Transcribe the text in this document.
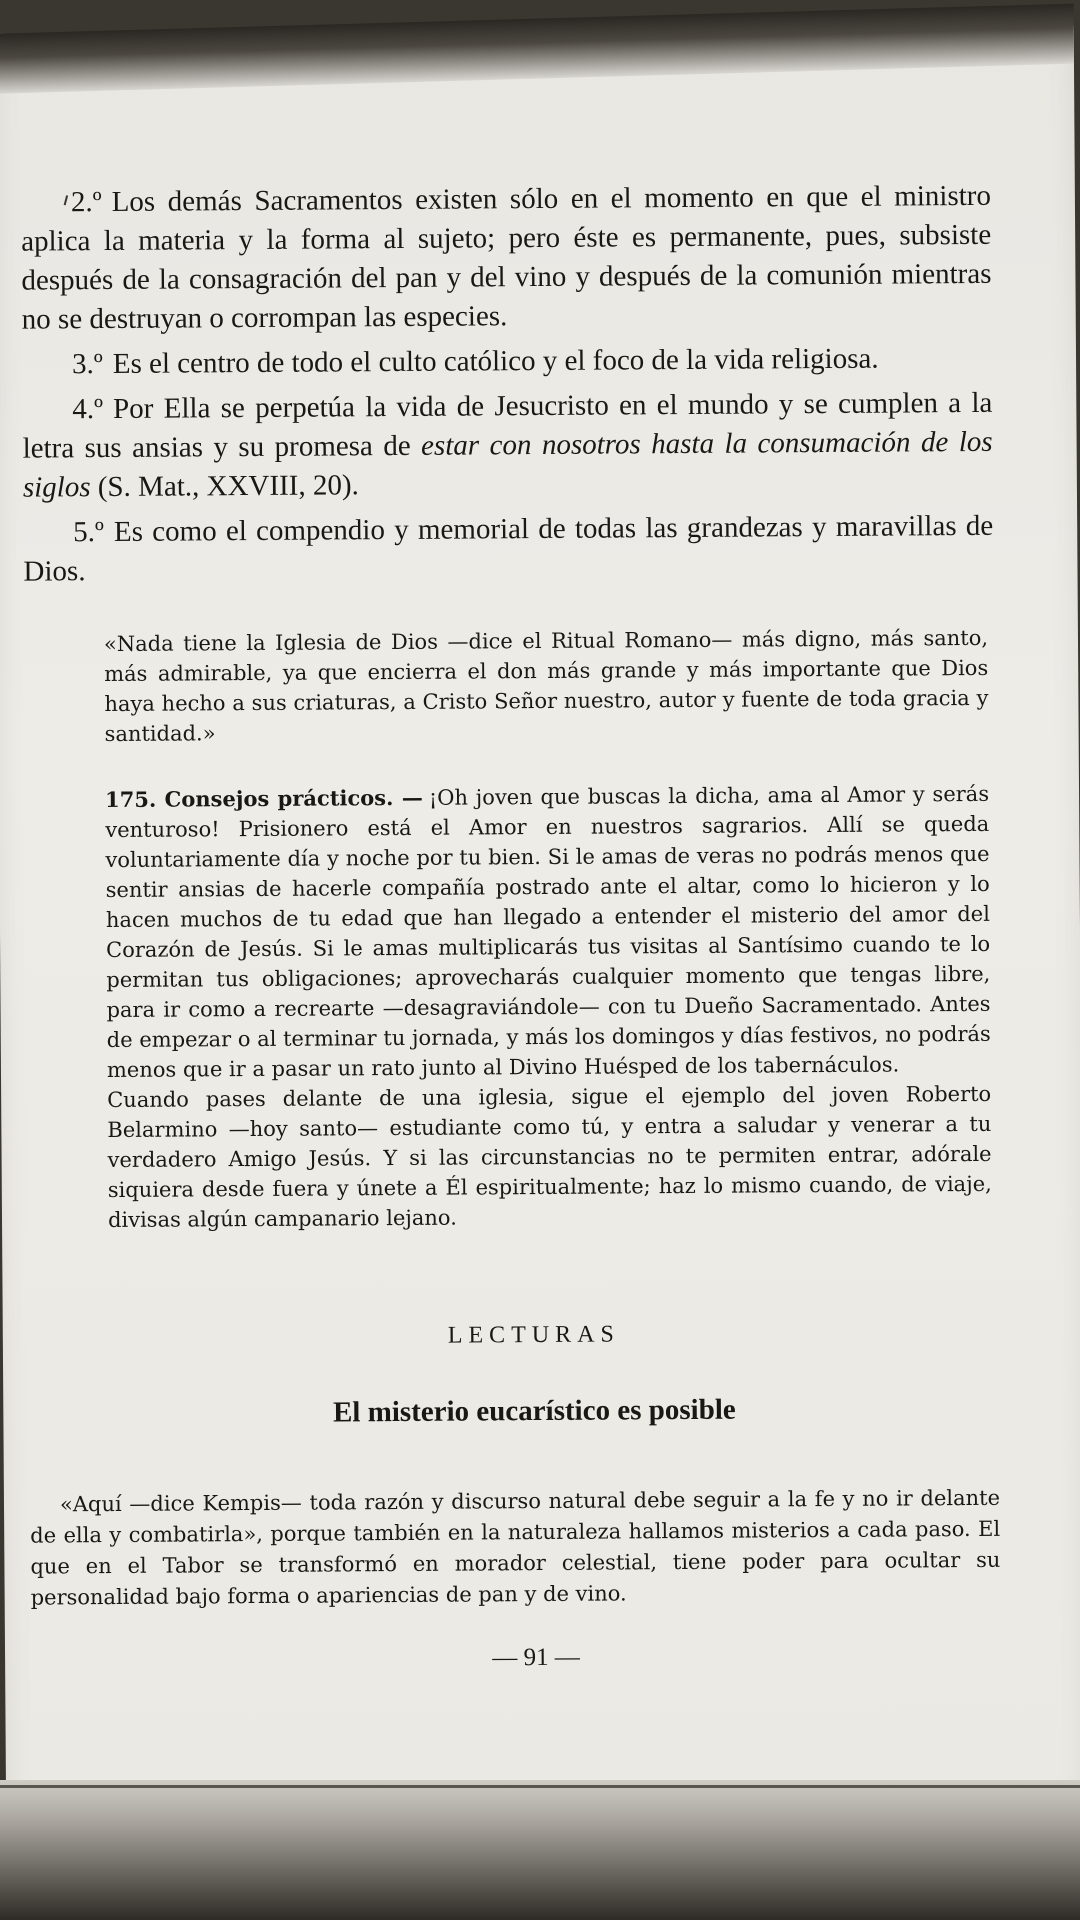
2.º Los demás Sacramentos existen sólo en el momento en que el ministro aplica la materia y la forma al sujeto; pero éste es permanente, pues, subsiste después de la consagración del pan y del vino y después de la comunión mientras no se destruyan o corrompan las especies.

3.º Es el centro de todo el culto católico y el foco de la vida religiosa.

4.º Por Ella se perpetúa la vida de Jesucristo en el mundo y se cumplen a la letra sus ansias y su promesa de estar con nosotros hasta la consumación de los siglos (S. Mat., XXVIII, 20).

5.º Es como el compendio y memorial de todas las grandezas y maravillas de Dios.

«Nada tiene la Iglesia de Dios —dice el Ritual Romano— más digno, más santo, más admirable, ya que encierra el don más grande y más importante que Dios haya hecho a sus criaturas, a Cristo Señor nuestro, autor y fuente de toda gracia y santidad.»

175. Consejos prácticos. — ¡Oh joven que buscas la dicha, ama al Amor y serás venturoso! Prisionero está el Amor en nuestros sagrarios. Allí se queda voluntariamente día y noche por tu bien. Si le amas de veras no podrás menos que sentir ansias de hacerle compañía postrado ante el altar, como lo hicieron y lo hacen muchos de tu edad que han llegado a entender el misterio del amor del Corazón de Jesús. Si le amas multiplicarás tus visitas al Santísimo cuando te lo permitan tus obligaciones; aprovecharás cualquier momento que tengas libre, para ir como a recrearte —desagraviándole— con tu Dueño Sacramentado. Antes de empezar o al terminar tu jornada, y más los domingos y días festivos, no podrás menos que ir a pasar un rato junto al Divino Huésped de los tabernáculos.

Cuando pases delante de una iglesia, sigue el ejemplo del joven Roberto Belarmino —hoy santo— estudiante como tú, y entra a saludar y venerar a tu verdadero Amigo Jesús. Y si las circunstancias no te permiten entrar, adórale siquiera desde fuera y únete a Él espiritualmente; haz lo mismo cuando, de viaje, divisas algún campanario lejano.

LECTURAS
El misterio eucarístico es posible

«Aquí —dice Kempis— toda razón y discurso natural debe seguir a la fe y no ir delante de ella y combatirla», porque también en la naturaleza hallamos misterios a cada paso. El que en el Tabor se transformó en morador celestial, tiene poder para ocultar su personalidad bajo forma o apariencias de pan y de vino.

— 91 —
